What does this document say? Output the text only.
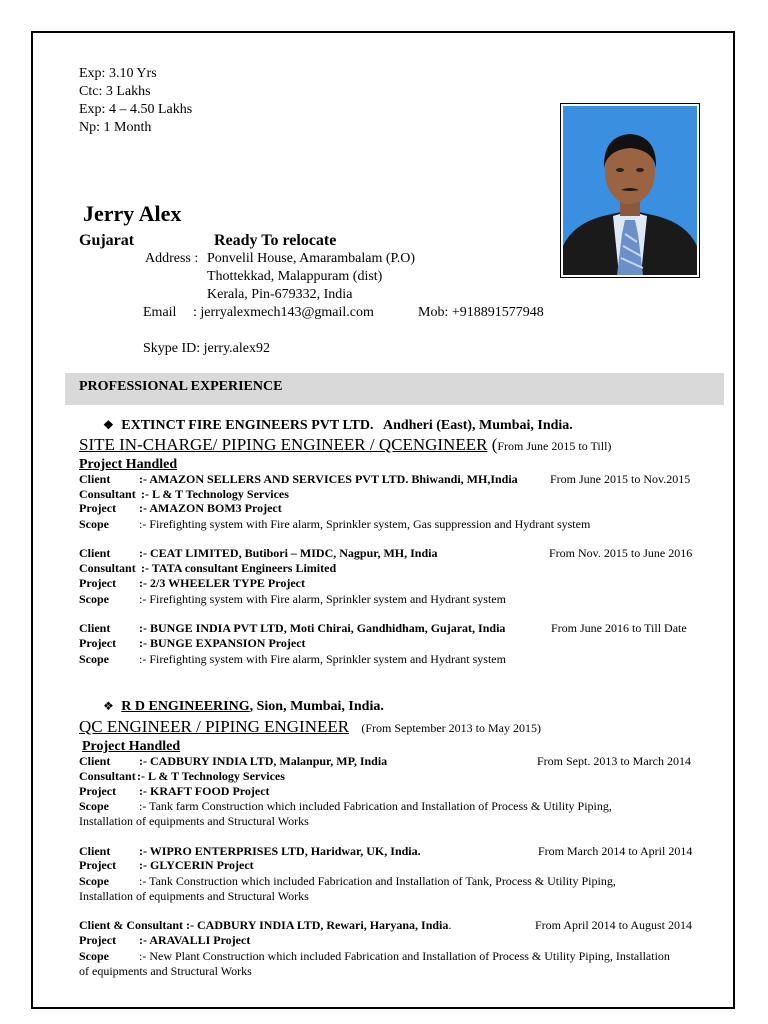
Exp: 3.10 Yrs
Ctc: 3 Lakhs
Exp: 4 – 4.50 Lakhs
Np: 1 Month
Jerry Alex
Gujarat	Ready To relocate
Address : Ponvelil House, Amarambalam (P.O)
Thottekkad, Malappuram (dist)
Kerala, Pin-679332, India
Email : jerryalexmech143@gmail.com	Mob: +918891577948
Skype ID: jerry.alex92
PROFESSIONAL EXPERIENCE
❖ EXTINCT FIRE ENGINEERS PVT LTD. Andheri (East), Mumbai, India.
SITE IN-CHARGE/ PIPING ENGINEER / QCENGINEER (From June 2015 to Till)
Project Handled
Client :- AMAZON SELLERS AND SERVICES PVT LTD. Bhiwandi, MH,India	From June 2015 to Nov.2015
Consultant :- L & T Technology Services
Project :- AMAZON BOM3 Project
Scope	:- Firefighting system with Fire alarm, Sprinkler system, Gas suppression and Hydrant system
Client :- CEAT LIMITED, Butibori – MIDC, Nagpur, MH, India	From Nov. 2015 to June 2016
Consultant :- TATA consultant Engineers Limited
Project :- 2/3 WHEELER TYPE Project
Scope	:- Firefighting system with Fire alarm, Sprinkler system and Hydrant system
Client :- BUNGE INDIA PVT LTD, Moti Chirai, Gandhidham, Gujarat, India	From June 2016 to Till Date
Project :- BUNGE EXPANSION Project
Scope	:- Firefighting system with Fire alarm, Sprinkler system and Hydrant system
❖ R D ENGINEERING, Sion, Mumbai, India.
QC ENGINEER / PIPING ENGINEER (From September 2013 to May 2015)
Project Handled
Client :- CADBURY INDIA LTD, Malanpur, MP, India	From Sept. 2013 to March 2014
Consultant:- L & T Technology Services
Project :- KRAFT FOOD Project
Scope	:- Tank farm Construction which included Fabrication and Installation of Process & Utility Piping,
Installation of equipments and Structural Works
Client :- WIPRO ENTERPRISES LTD, Haridwar, UK, India.	From March 2014 to April 2014
Project :- GLYCERIN Project
Scope	:- Tank Construction which included Fabrication and Installation of Tank, Process & Utility Piping,
Installation of equipments and Structural Works
Client & Consultant :- CADBURY INDIA LTD, Rewari, Haryana, India.	From April 2014 to August 2014
Project :- ARAVALLI Project
Scope	:- New Plant Construction which included Fabrication and Installation of Process & Utility Piping, Installation
of equipments and Structural Works
